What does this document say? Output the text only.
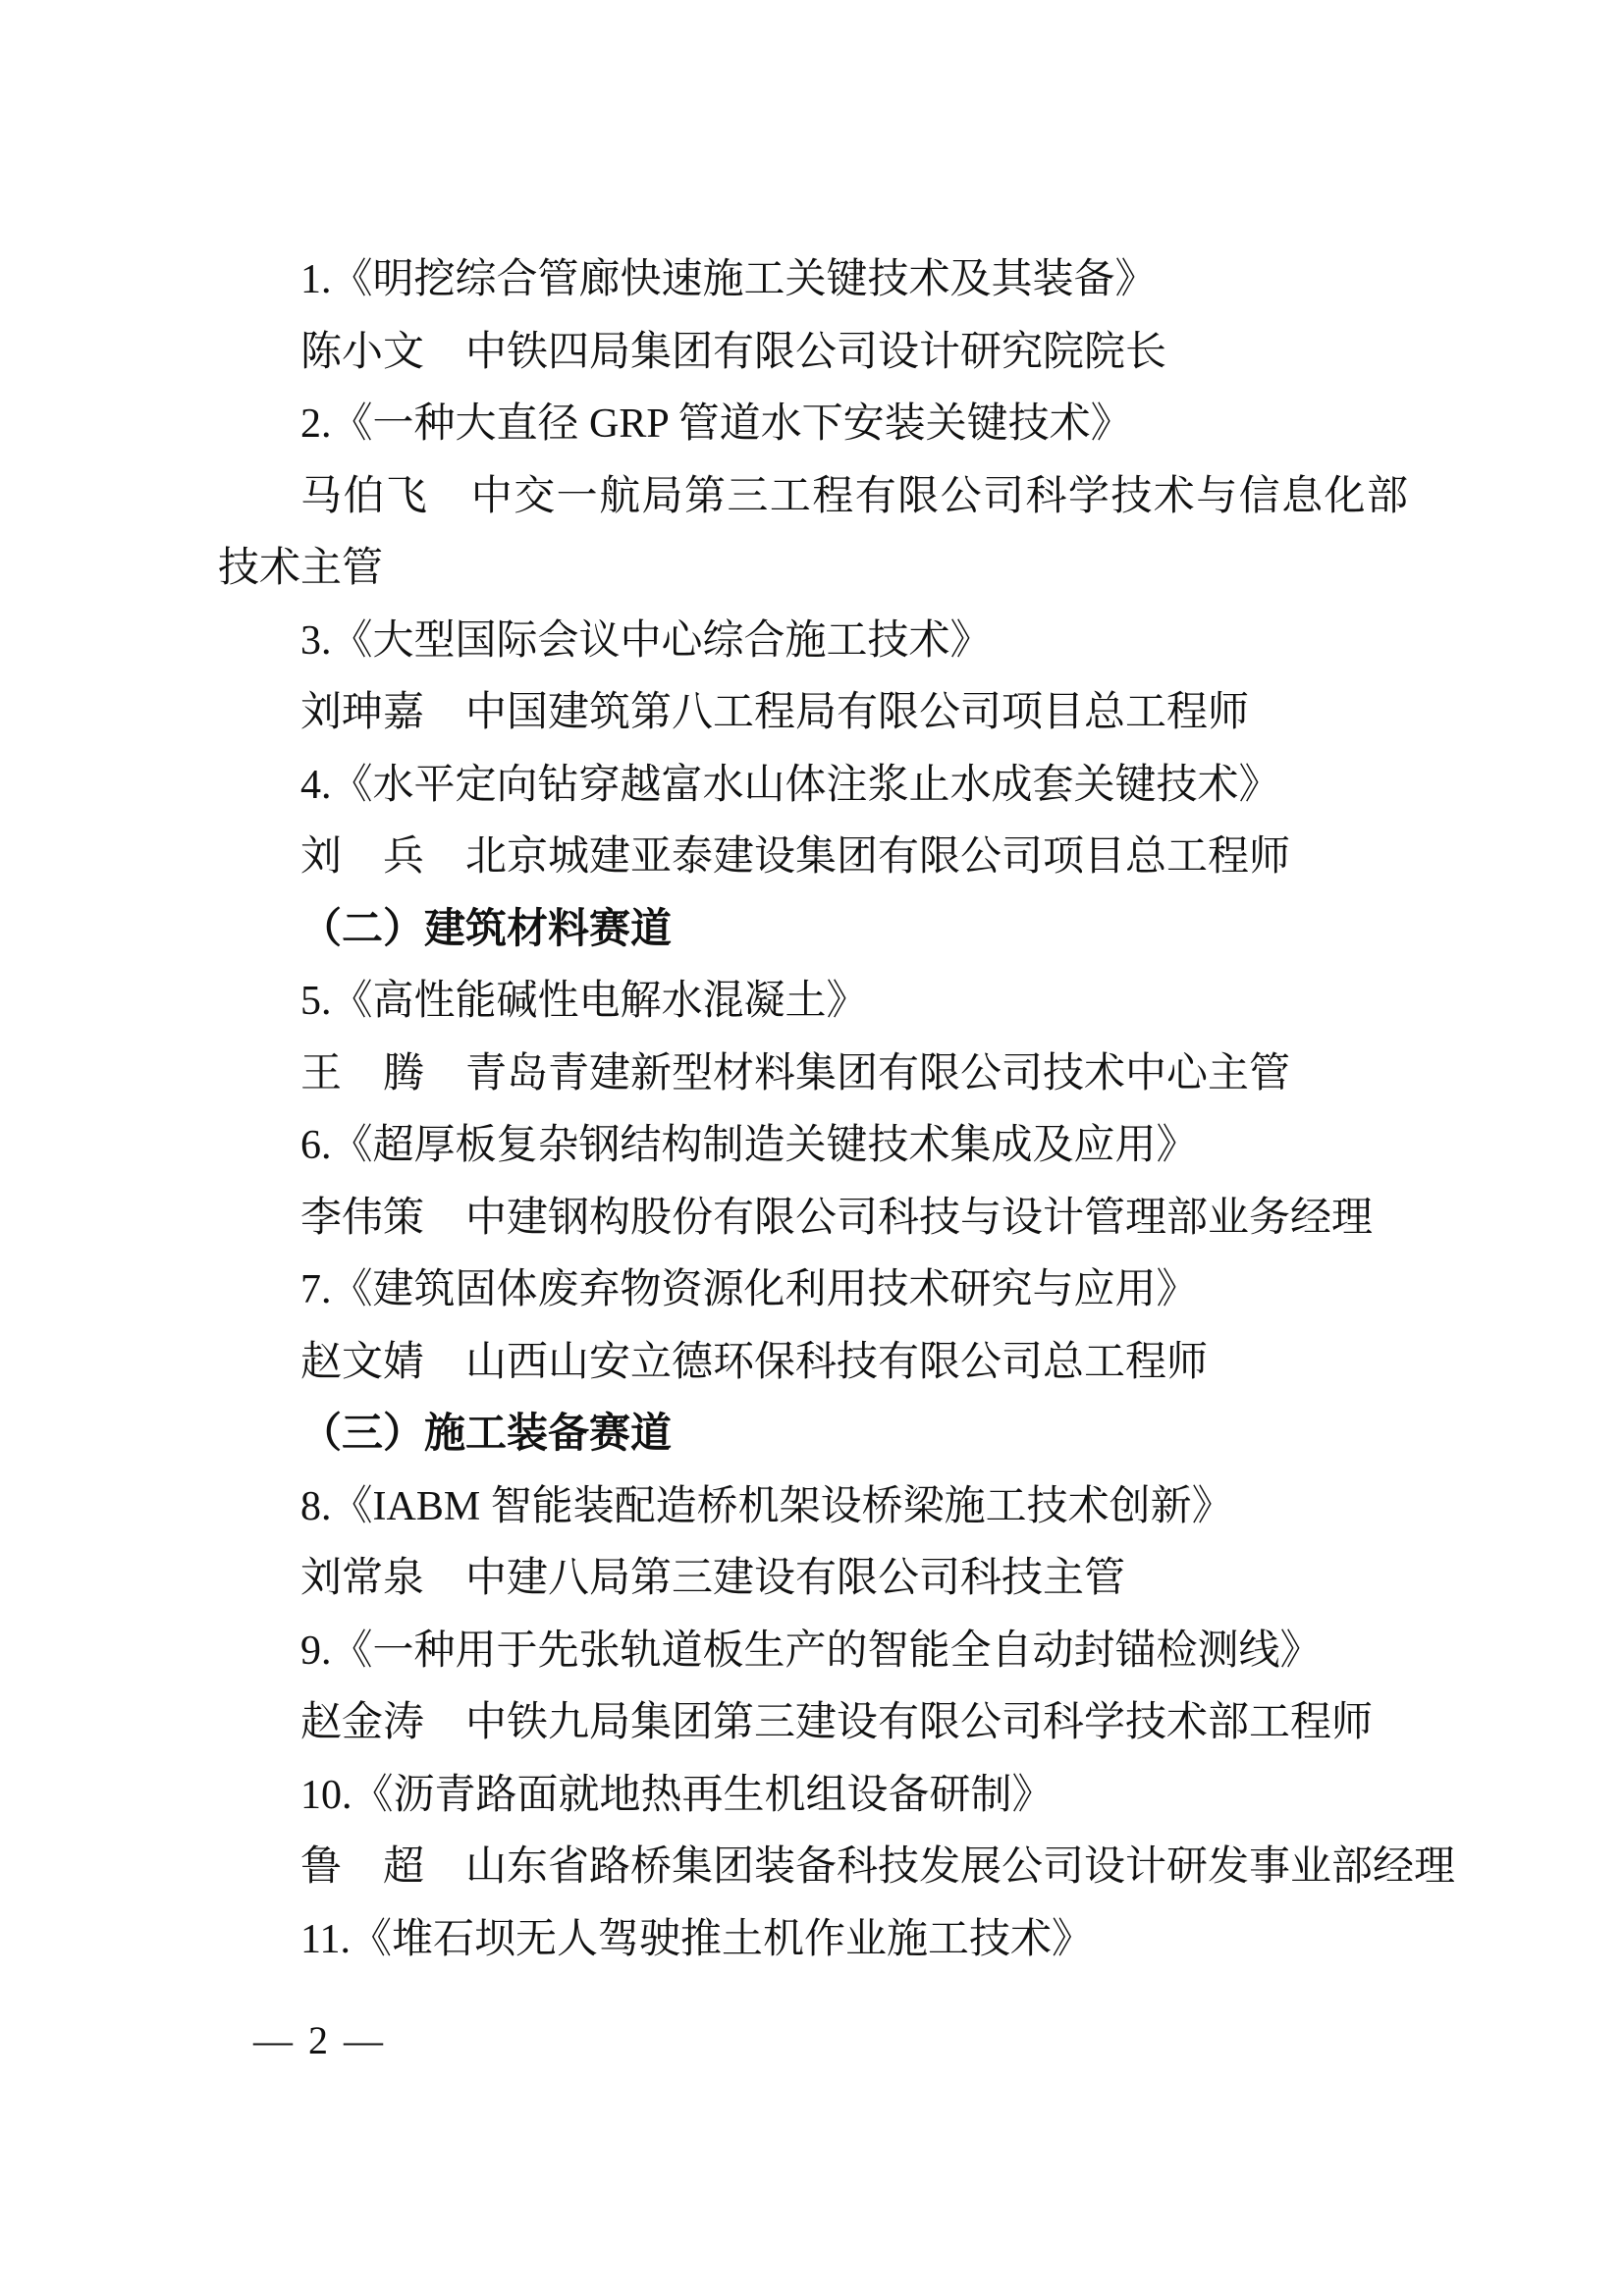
1.《明挖综合管廊快速施工关键技术及其装备》
陈小文　中铁四局集团有限公司设计研究院院长
2.《一种大直径 GRP 管道水下安装关键技术》
马伯飞　中交一航局第三工程有限公司科学技术与信息化部
技术主管
3.《大型国际会议中心综合施工技术》
刘珅嘉　中国建筑第八工程局有限公司项目总工程师
4.《水平定向钻穿越富水山体注浆止水成套关键技术》
刘　兵　北京城建亚泰建设集团有限公司项目总工程师
（二）建筑材料赛道
5.《高性能碱性电解水混凝土》
王　腾　青岛青建新型材料集团有限公司技术中心主管
6.《超厚板复杂钢结构制造关键技术集成及应用》
李伟策　中建钢构股份有限公司科技与设计管理部业务经理
7.《建筑固体废弃物资源化利用技术研究与应用》
赵文婧　山西山安立德环保科技有限公司总工程师
（三）施工装备赛道
8.《IABM 智能装配造桥机架设桥梁施工技术创新》
刘常泉　中建八局第三建设有限公司科技主管
9.《一种用于先张轨道板生产的智能全自动封锚检测线》
赵金涛　中铁九局集团第三建设有限公司科学技术部工程师
10.《沥青路面就地热再生机组设备研制》
鲁　超　山东省路桥集团装备科技发展公司设计研发事业部经理
11.《堆石坝无人驾驶推土机作业施工技术》
— 2 —
